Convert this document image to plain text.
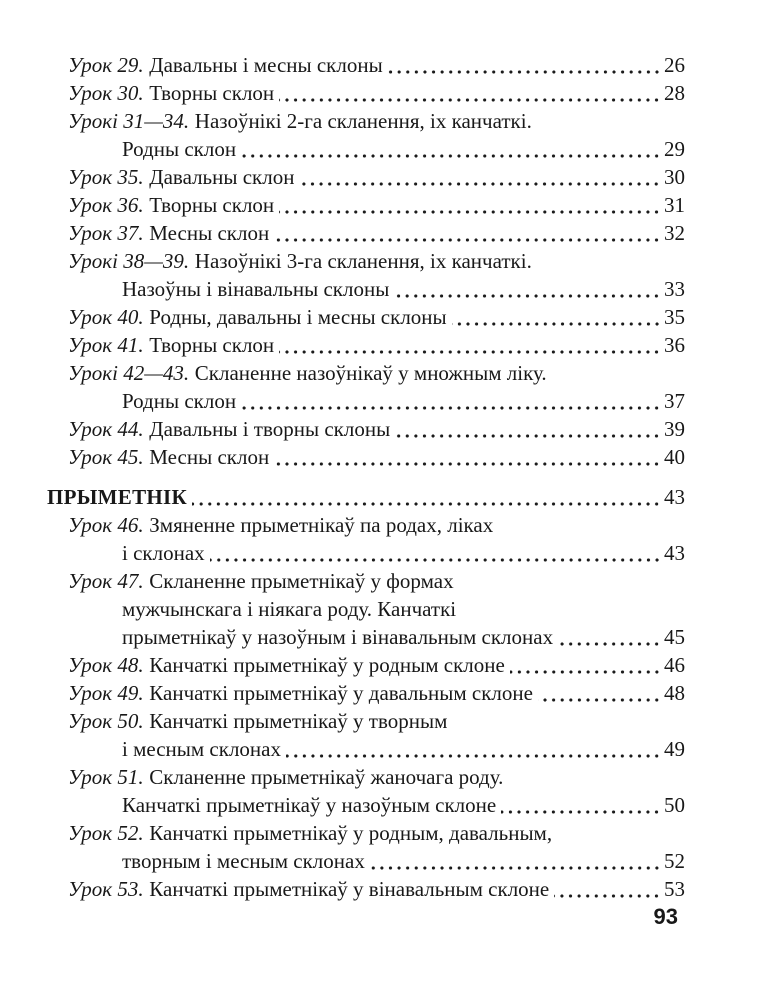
Урок 29. Давальны і месны склоны	26
Урок 30. Творны склон	28
Урокі 31—34. Назоўнікі 2-га скланення, іх канчаткі.
Родны склон	29
Урок 35. Давальны склон	30
Урок 36. Творны склон	31
Урок 37. Месны склон	32
Урокі 38—39. Назоўнікі 3-га скланення, іх канчаткі.
Назоўны і вінавальны склоны	33
Урок 40. Родны, давальны і месны склоны	35
Урок 41. Творны склон	36
Урокі 42—43. Скланенне назоўнікаў у множным ліку.
Родны склон	37
Урок 44. Давальны і творны склоны	39
Урок 45. Месны склон	40
ПРЫМЕТНІК	43
Урок 46. Змяненне прыметнікаў па родах, ліках
і склонах	43
Урок 47. Скланенне прыметнікаў у формах
мужчынскага і ніякага роду. Канчаткі
прыметнікаў у назоўным і вінавальным склонах	45
Урок 48. Канчаткі прыметнікаў у родным склоне	46
Урок 49. Канчаткі прыметнікаў у давальным склоне	48
Урок 50. Канчаткі прыметнікаў у творным
і месным склонах	49
Урок 51. Скланенне прыметнікаў жаночага роду.
Канчаткі прыметнікаў у назоўным склоне	50
Урок 52. Канчаткі прыметнікаў у родным, давальным,
творным і месным склонах	52
Урок 53. Канчаткі прыметнікаў у вінавальным склоне	53
93
